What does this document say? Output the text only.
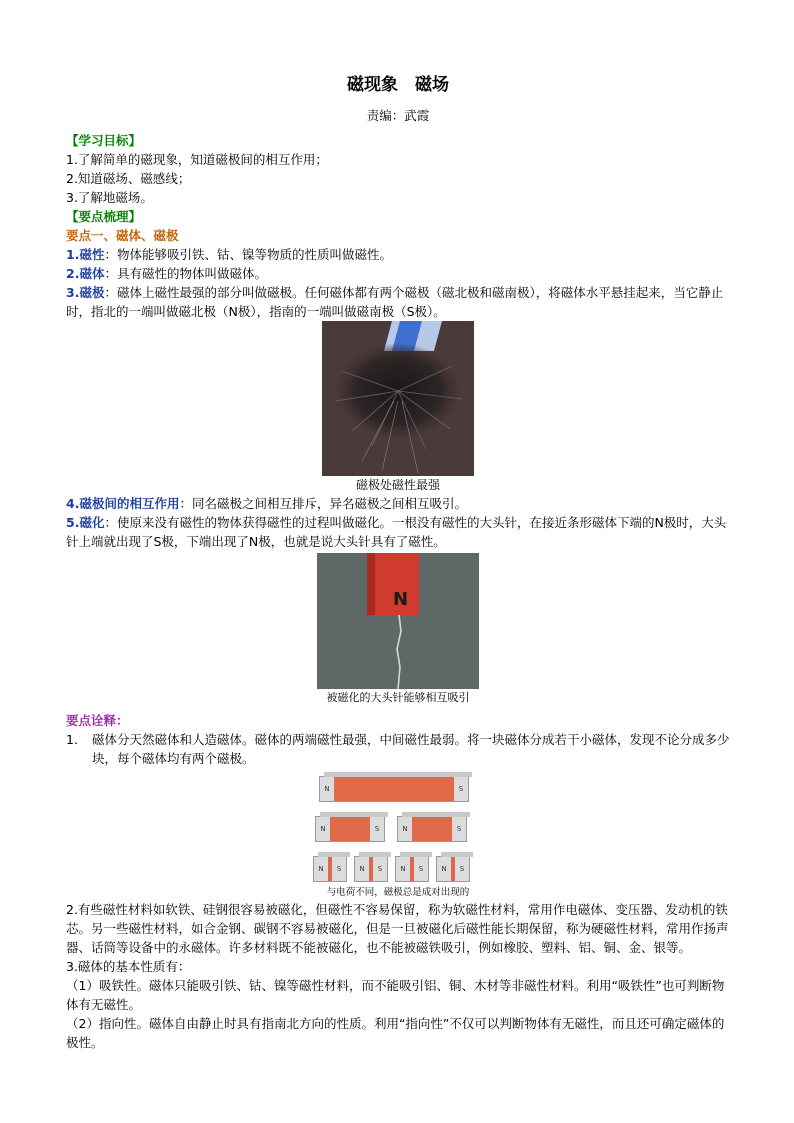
磁现象　磁场

责编：武霞

【学习目标】

1.了解简单的磁现象，知道磁极间的相互作用；

2.知道磁场、磁感线；

3.了解地磁场。

【要点梳理】

要点一、磁体、磁极

1.磁性：物体能够吸引铁、钴、镍等物质的性质叫做磁性。

2.磁体：具有磁性的物体叫做磁体。

3.磁极：磁体上磁性最强的部分叫做磁极。任何磁体都有两个磁极（磁北极和磁南极），将磁体水平悬挂起来，当它静止时，指北的一端叫做磁北极（N极），指南的一端叫做磁南极（S极）。

磁极处磁性最强

4.磁极间的相互作用：同名磁极之间相互排斥，异名磁极之间相互吸引。

5.磁化：使原来没有磁性的物体获得磁性的过程叫做磁化。一根没有磁性的大头针，在接近条形磁体下端的N极时，大头针上端就出现了S极，下端出现了N极，也就是说大头针具有了磁性。

N
被磁化的大头针能够相互吸引

要点诠释：

1.	磁体分天然磁体和人造磁体。磁体的两端磁性最强，中间磁性最弱。将一块磁体分成若干小磁体，发现不论分成多少块，每个磁体均有两个磁极。
N	S
N	S	N	S
N	S	N	S	N	S	N	S
与电荷不同，磁极总是成对出现的

2.有些磁性材料如软铁、硅钢很容易被磁化，但磁性不容易保留，称为软磁性材料，常用作电磁体、变压器、发动机的铁芯。另一些磁性材料，如合金钢、碳钢不容易被磁化，但是一旦被磁化后磁性能长期保留，称为硬磁性材料，常用作扬声器、话筒等设备中的永磁体。许多材料既不能被磁化，也不能被磁铁吸引，例如橡胶、塑料、铝、铜、金、银等。

3.磁体的基本性质有：

（1）吸铁性。磁体只能吸引铁、钴、镍等磁性材料，而不能吸引铝、铜、木材等非磁性材料。利用“吸铁性”也可判断物体有无磁性。

（2）指向性。磁体自由静止时具有指南北方向的性质。利用“指向性”不仅可以判断物体有无磁性，而且还可确定磁体的极性。
